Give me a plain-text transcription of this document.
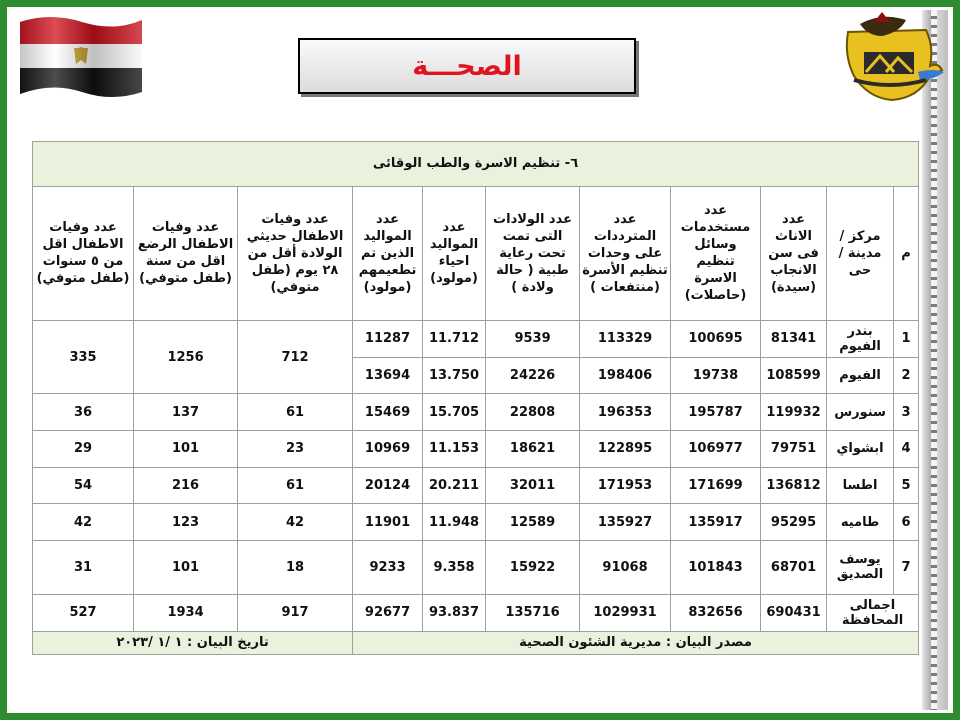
الصحـــة
٦- تنظيم الاسرة والطب الوقائى										
م	مركز / مدينة / حى	عدد الاناث فى سن الانجاب (سيدة)	عدد مستخدمات وسائل تنظيم الاسرة (حاصلات)	عدد المترددات على وحدات تنظيم الأسرة (منتفعات )	عدد الولادات التى تمت تحت رعاية طبية ( حالة ولادة )	عدد المواليد احياء (مولود)	عدد المواليد الذين تم تطعيمهم (مولود)	عدد وفيات الاطفال حديثي الولادة أقل من ٢٨ يوم (طفل متوفي)	عدد وفيات الاطفال الرضع اقل من سنة (طفل متوفي)	عدد وفيات الاطفال اقل من ٥ سنوات (طفل متوفي)
1	بندر الفيوم	81341	100695	113329	9539	11.712	11287	712	1256	335
2	الفيوم	108599	19738	198406	24226	13.750	13694			
3	سنورس	119932	195787	196353	22808	15.705	15469	61	137	36
4	ابشواي	79751	106977	122895	18621	11.153	10969	23	101	29
5	اطسا	136812	171699	171953	32011	20.211	20124	61	216	54
6	طاميه	95295	135917	135927	12589	11.948	11901	42	123	42
7	يوسف الصديق	68701	101843	91068	15922	9.358	9233	18	101	31
اجمالى المحافظة		690431	832656	1029931	135716	93.837	92677	917	1934	527
مصدر البيان : مديرية الشئون الصحية								تاريخ البيان : ١ /١ /٢٠٢٣		
